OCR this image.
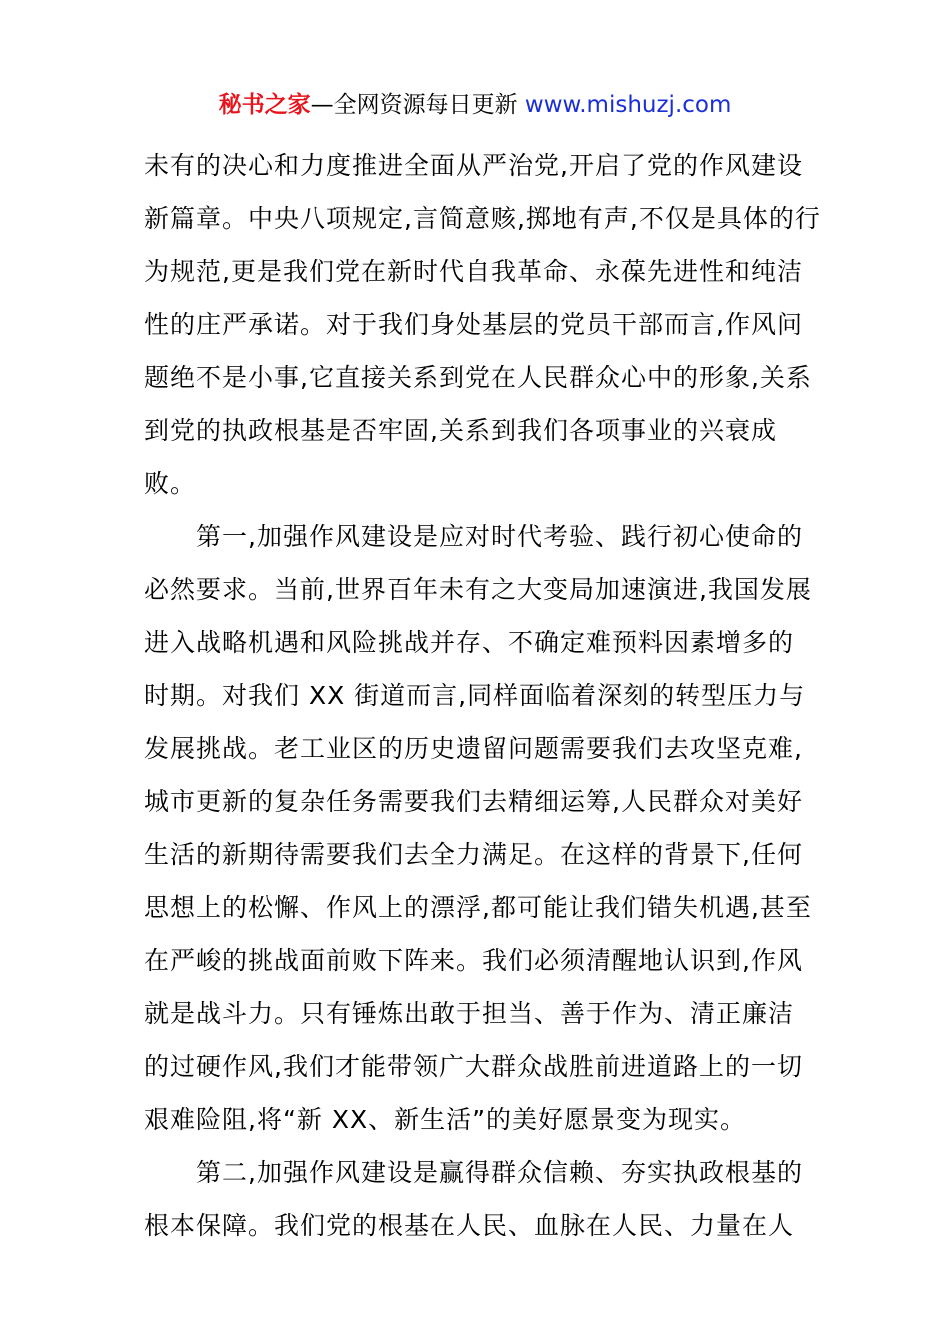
秘书之家—全网资源每日更新 www.mishuzj.com
未有的决心和力度推进全面从严治党,开启了党的作风建设
新篇章。中央八项规定,言简意赅,掷地有声,不仅是具体的行
为规范,更是我们党在新时代自我革命、永葆先进性和纯洁
性的庄严承诺。对于我们身处基层的党员干部而言,作风问
题绝不是小事,它直接关系到党在人民群众心中的形象,关系
到党的执政根基是否牢固,关系到我们各项事业的兴衰成
败。
　　第一,加强作风建设是应对时代考验、践行初心使命的
必然要求。当前,世界百年未有之大变局加速演进,我国发展
进入战略机遇和风险挑战并存、不确定难预料因素增多的
时期。对我们 XX 街道而言,同样面临着深刻的转型压力与
发展挑战。老工业区的历史遗留问题需要我们去攻坚克难,
城市更新的复杂任务需要我们去精细运筹,人民群众对美好
生活的新期待需要我们去全力满足。在这样的背景下,任何
思想上的松懈、作风上的漂浮,都可能让我们错失机遇,甚至
在严峻的挑战面前败下阵来。我们必须清醒地认识到,作风
就是战斗力。只有锤炼出敢于担当、善于作为、清正廉洁
的过硬作风,我们才能带领广大群众战胜前进道路上的一切
艰难险阻,将“新 XX、新生活”的美好愿景变为现实。
　　第二,加强作风建设是赢得群众信赖、夯实执政根基的
根本保障。我们党的根基在人民、血脉在人民、力量在人
